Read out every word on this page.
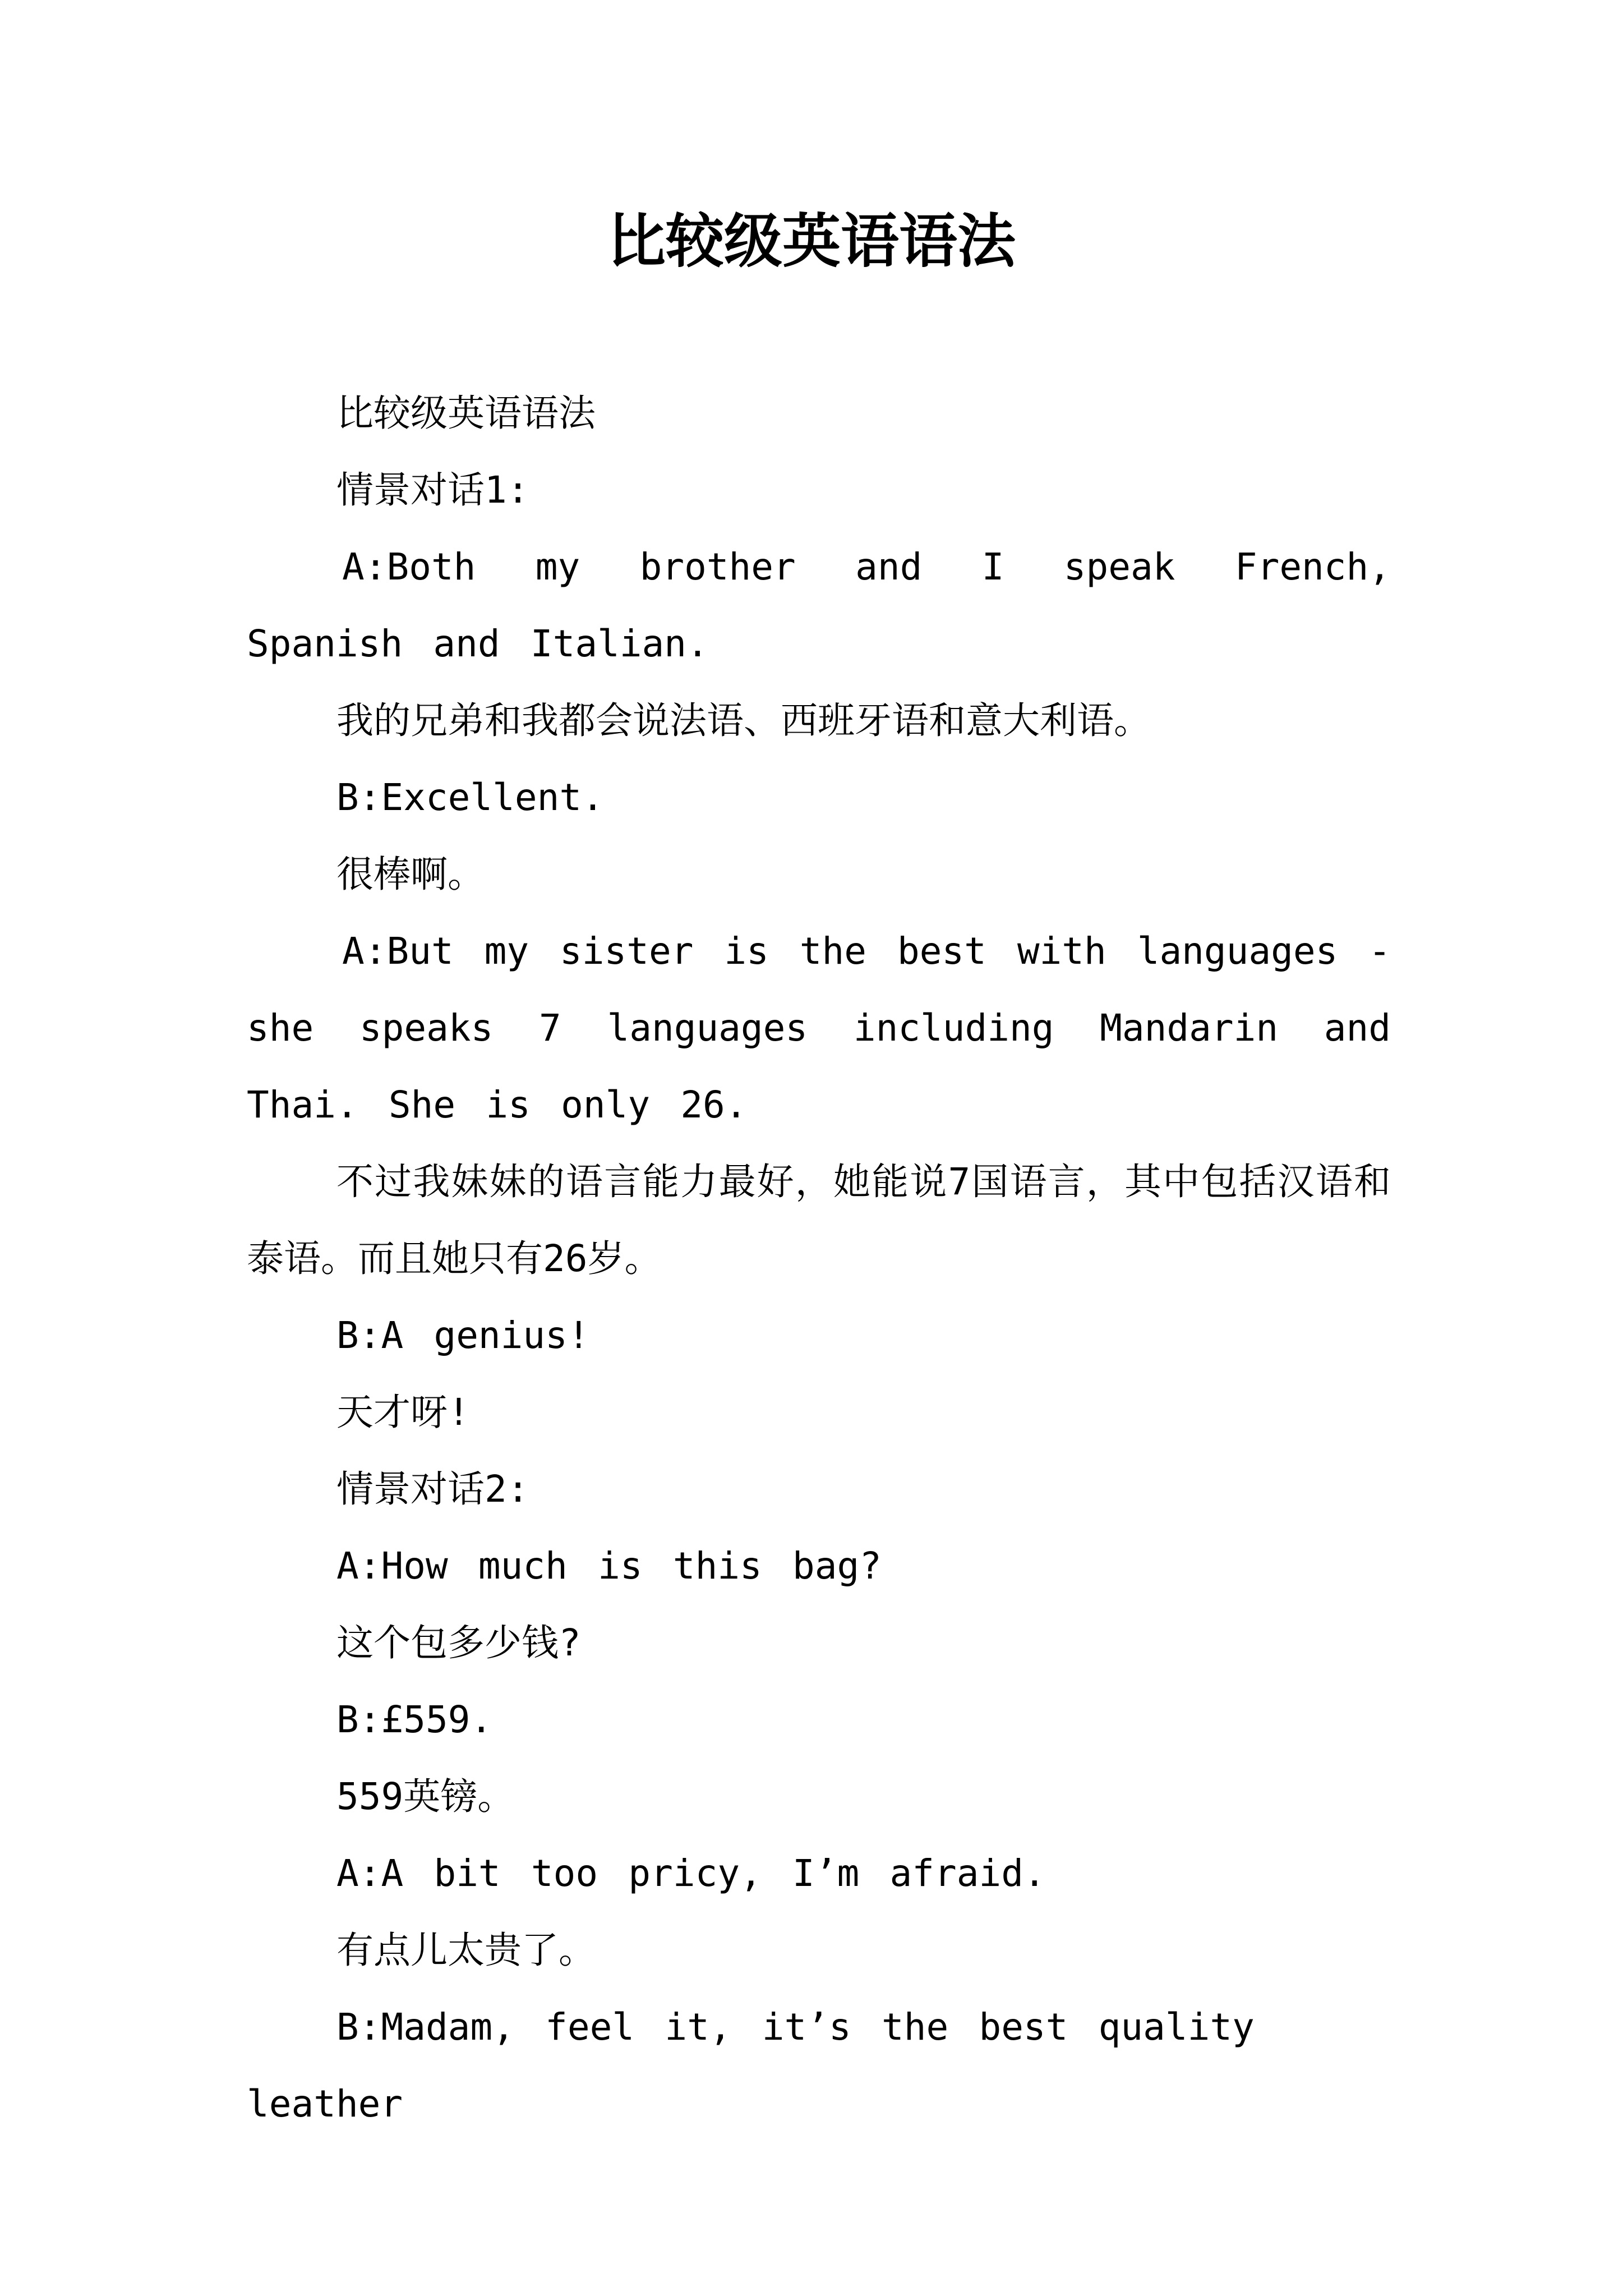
比较级英语语法

比较级英语语法

情景对话1:

A:Both my brother and I speak French, Spanish and Italian.

我的兄弟和我都会说法语、西班牙语和意大利语。

B:Excellent.

很棒啊。

A:But my sister is the best with languages - she speaks 7 languages including Mandarin and Thai. She is only 26.

不过我妹妹的语言能力最好，她能说7国语言，其中包括汉语和泰语。而且她只有26岁。

B:A genius!

天才呀!

情景对话2:

A:How much is this bag?

这个包多少钱?

B:£559.

559英镑。

A:A bit too pricy, I’m afraid.

有点儿太贵了。

B:Madam, feel it, it’s the best quality leather
